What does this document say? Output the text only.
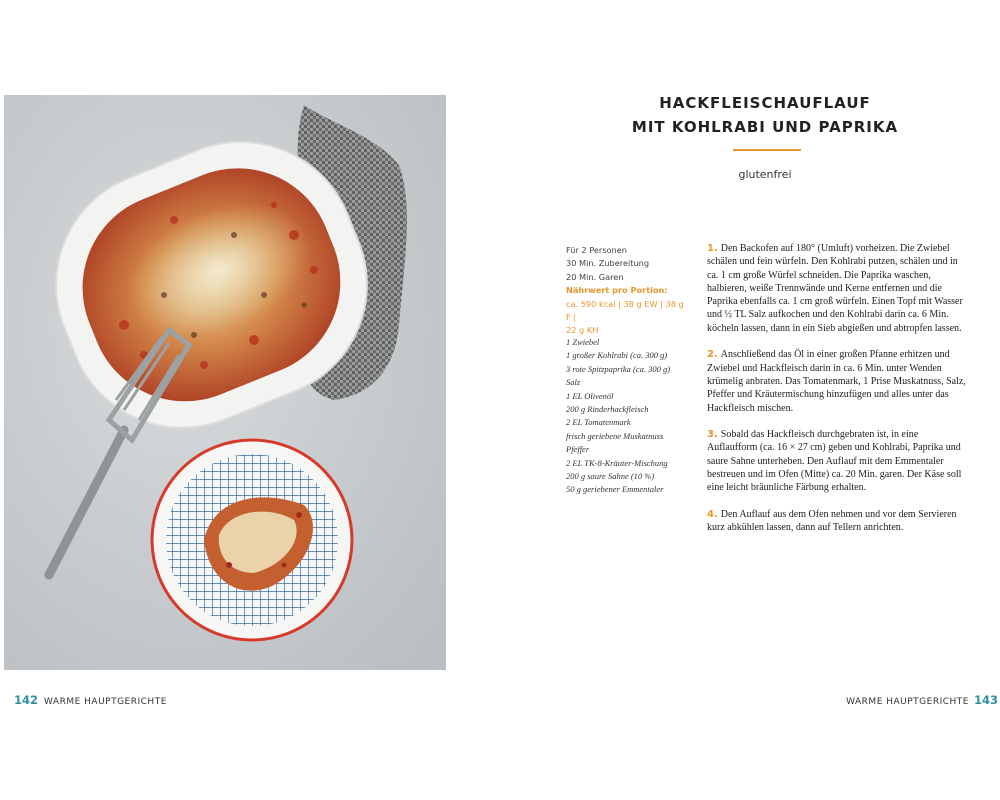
HACKFLEISCHAUFLAUF
MIT KOHLRABI UND PAPRIKA
glutenfrei
Für 2 Personen
30 Min. Zubereitung
20 Min. Garen
Nährwert pro Portion:
ca. 590 kcal | 38 g EW | 38 g F |
22 g KH
1 Zwiebel
1 großer Kohlrabi (ca. 300 g)
3 rote Spitzpaprika (ca. 300 g)
Salz
1 EL Olivenöl
200 g Rinderhackfleisch
2 EL Tomatenmark
frisch geriebene Muskatnuss
Pfeffer
2 EL TK-8-Kräuter-Mischung
200 g saure Sahne (10 %)
50 g geriebener Emmentaler

1. Den Backofen auf 180° (Umluft) vorheizen. Die Zwiebel schälen und fein würfeln. Den Kohlrabi putzen, schälen und in ca. 1 cm große Würfel schneiden. Die Paprika waschen, halbieren, weiße Trennwände und Kerne entfernen und die Paprika ebenfalls ca. 1 cm groß würfeln. Einen Topf mit Wasser und ½ TL Salz aufkochen und den Kohlrabi darin ca. 6 Min. köcheln lassen, dann in ein Sieb abgießen und abtropfen lassen.

2. Anschließend das Öl in einer großen Pfanne erhitzen und Zwiebel und Hackfleisch darin in ca. 6 Min. unter Wenden krümelig anbraten. Das Tomatenmark, 1 Prise Muskatnuss, Salz, Pfeffer und Kräutermischung hinzufügen und alles unter das Hackfleisch mischen.

3. Sobald das Hackfleisch durchgebraten ist, in eine Auflaufform (ca. 16 × 27 cm) geben und Kohlrabi, Paprika und saure Sahne unterheben. Den Auflauf mit dem Emmentaler bestreuen und im Ofen (Mitte) ca. 20 Min. garen. Der Käse soll eine leicht bräunliche Färbung erhalten.

4. Den Auflauf aus dem Ofen nehmen und vor dem Servieren kurz abkühlen lassen, dann auf Tellern anrichten.

142 WARME HAUPTGERICHTE	WARME HAUPTGERICHTE 143
